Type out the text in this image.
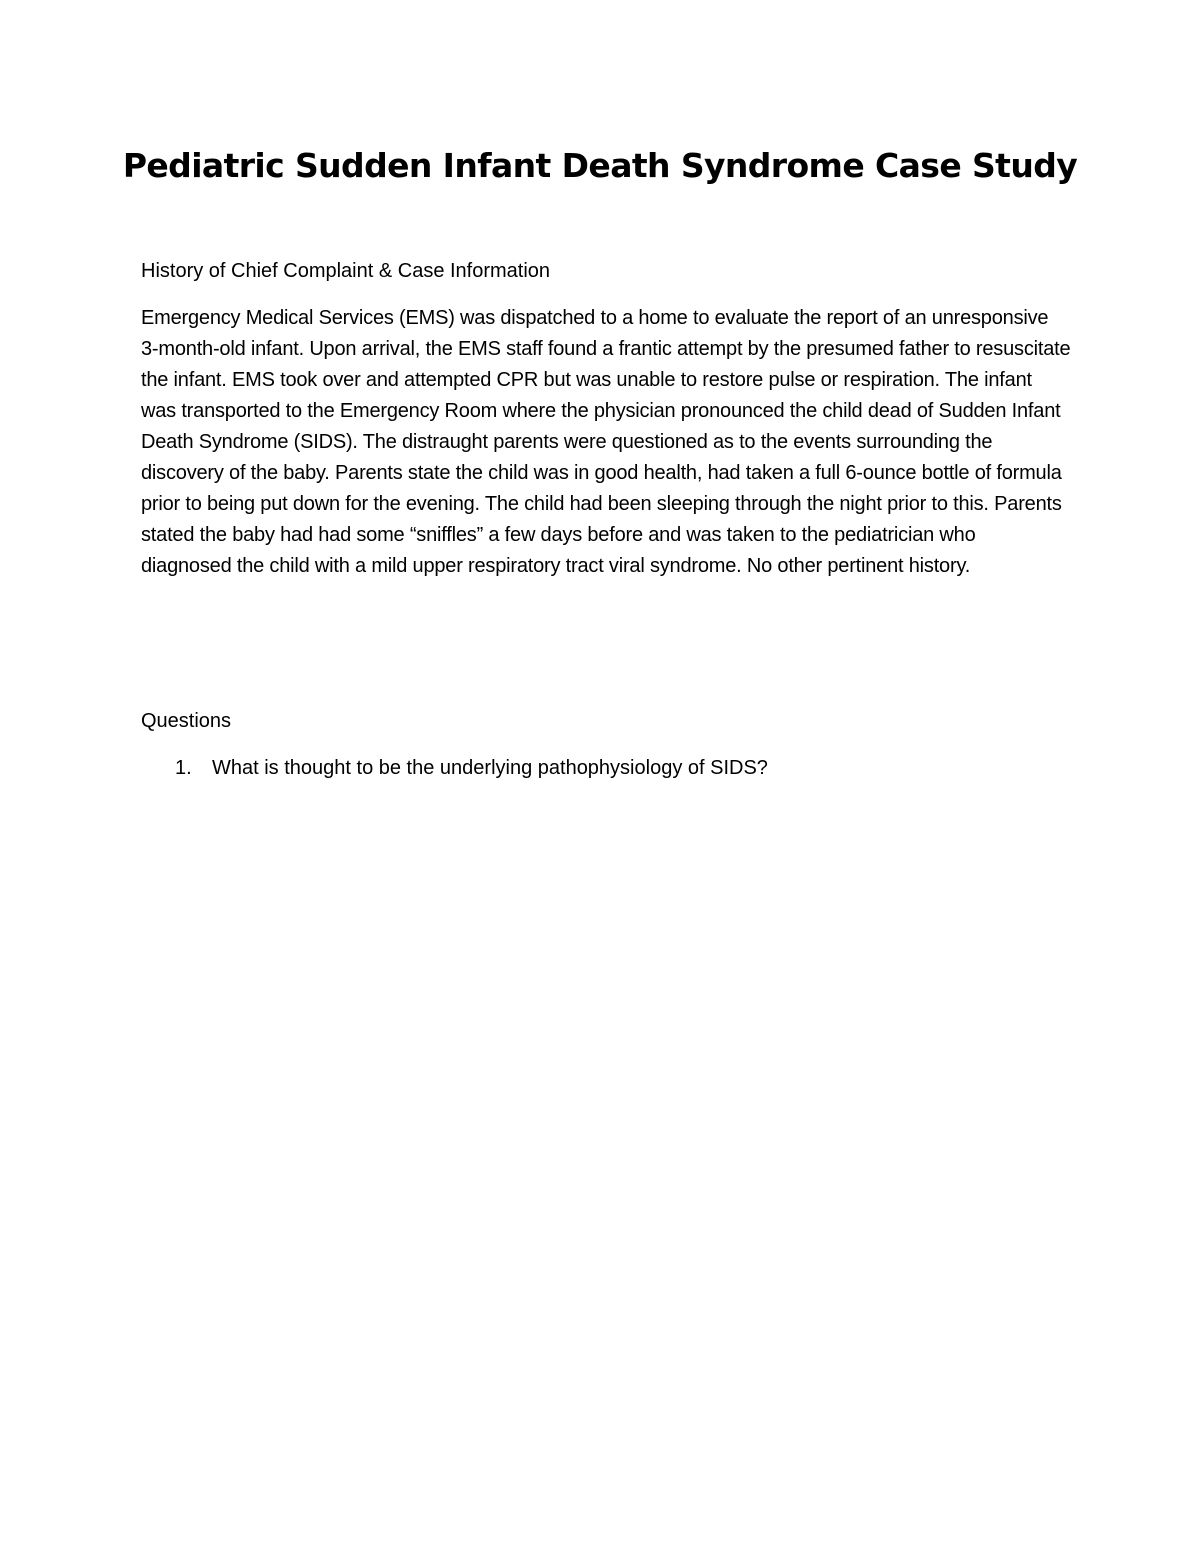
Pediatric Sudden Infant Death Syndrome Case Study
History of Chief Complaint & Case Information

Emergency Medical Services (EMS) was dispatched to a home to evaluate the report of an unresponsive 3-month-old infant. Upon arrival, the EMS staff found a frantic attempt by the presumed father to resuscitate the infant. EMS took over and attempted CPR but was unable to restore pulse or respiration. The infant was transported to the Emergency Room where the physician pronounced the child dead of Sudden Infant Death Syndrome (SIDS). The distraught parents were questioned as to the events surrounding the discovery of the baby. Parents state the child was in good health, had taken a full 6-ounce bottle of formula prior to being put down for the evening. The child had been sleeping through the night prior to this. Parents stated the baby had had some “sniffles” a few days before and was taken to the pediatrician who diagnosed the child with a mild upper respiratory tract viral syndrome. No other pertinent history.

Questions
1.	What is thought to be the underlying pathophysiology of SIDS?
